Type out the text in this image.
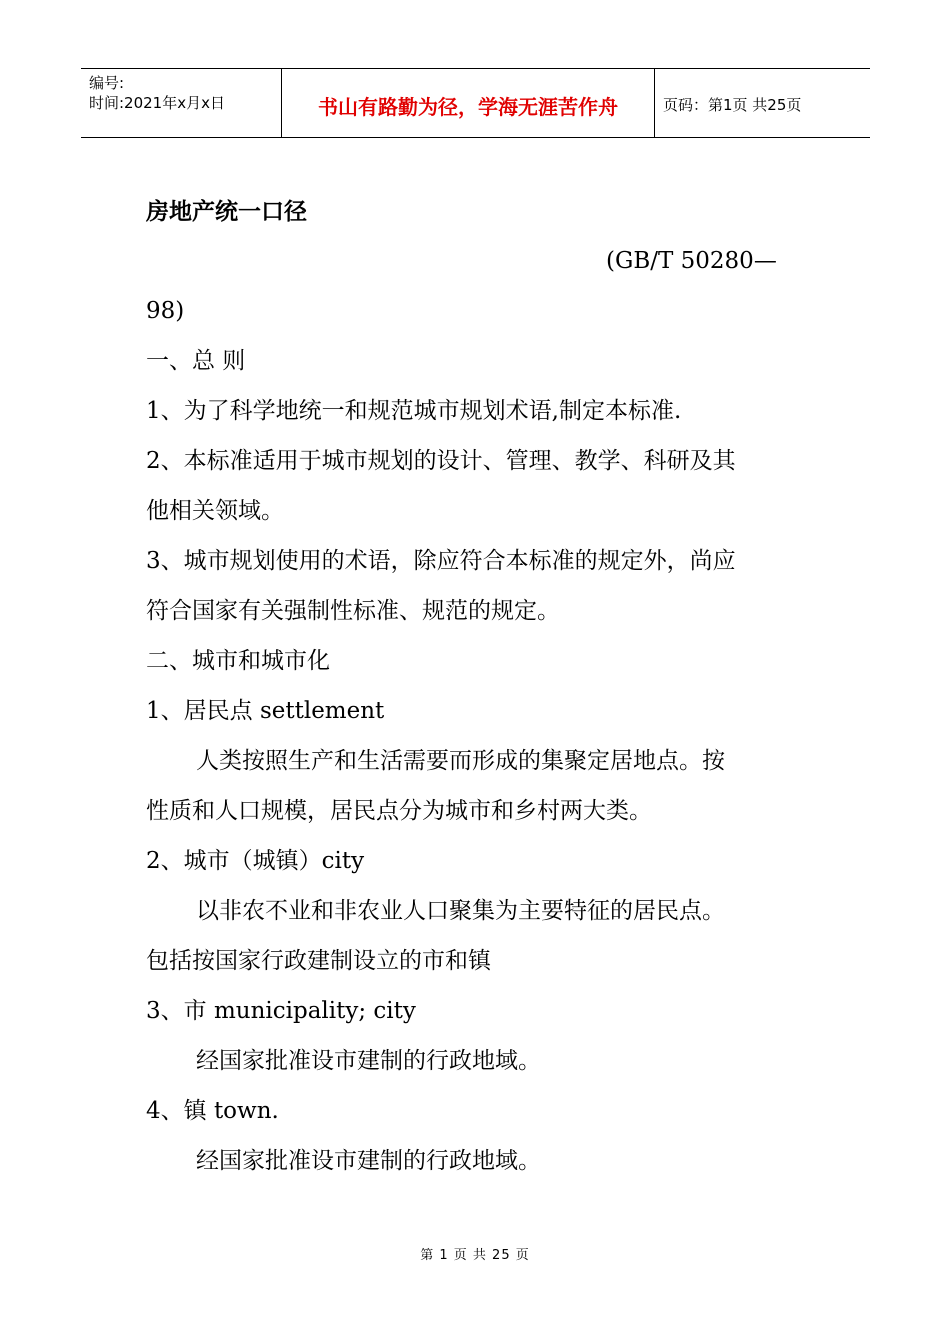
编号:
时间:2021年x月x日	书山有路勤为径，学海无涯苦作舟	页码：第1页 共25页
房地产统一口径
(GB/T 50280—
98)
一、总 则
1、为了科学地统一和规范城市规划术语,制定本标准.
2、本标准适用于城市规划的设计、管理、教学、科研及其
他相关领域。
3、城市规划使用的术语，除应符合本标准的规定外，尚应
符合国家有关强制性标准、规范的规定。
二、城市和城市化
1、居民点 settlement
人类按照生产和生活需要而形成的集聚定居地点。按
性质和人口规模，居民点分为城市和乡村两大类。
2、城市（城镇）city
以非农不业和非农业人口聚集为主要特征的居民点。
包括按国家行政建制设立的市和镇
3、市 municipality; city
经国家批准设市建制的行政地域。
4、镇 town.
经国家批准设市建制的行政地域。
第 1 页 共 25 页
